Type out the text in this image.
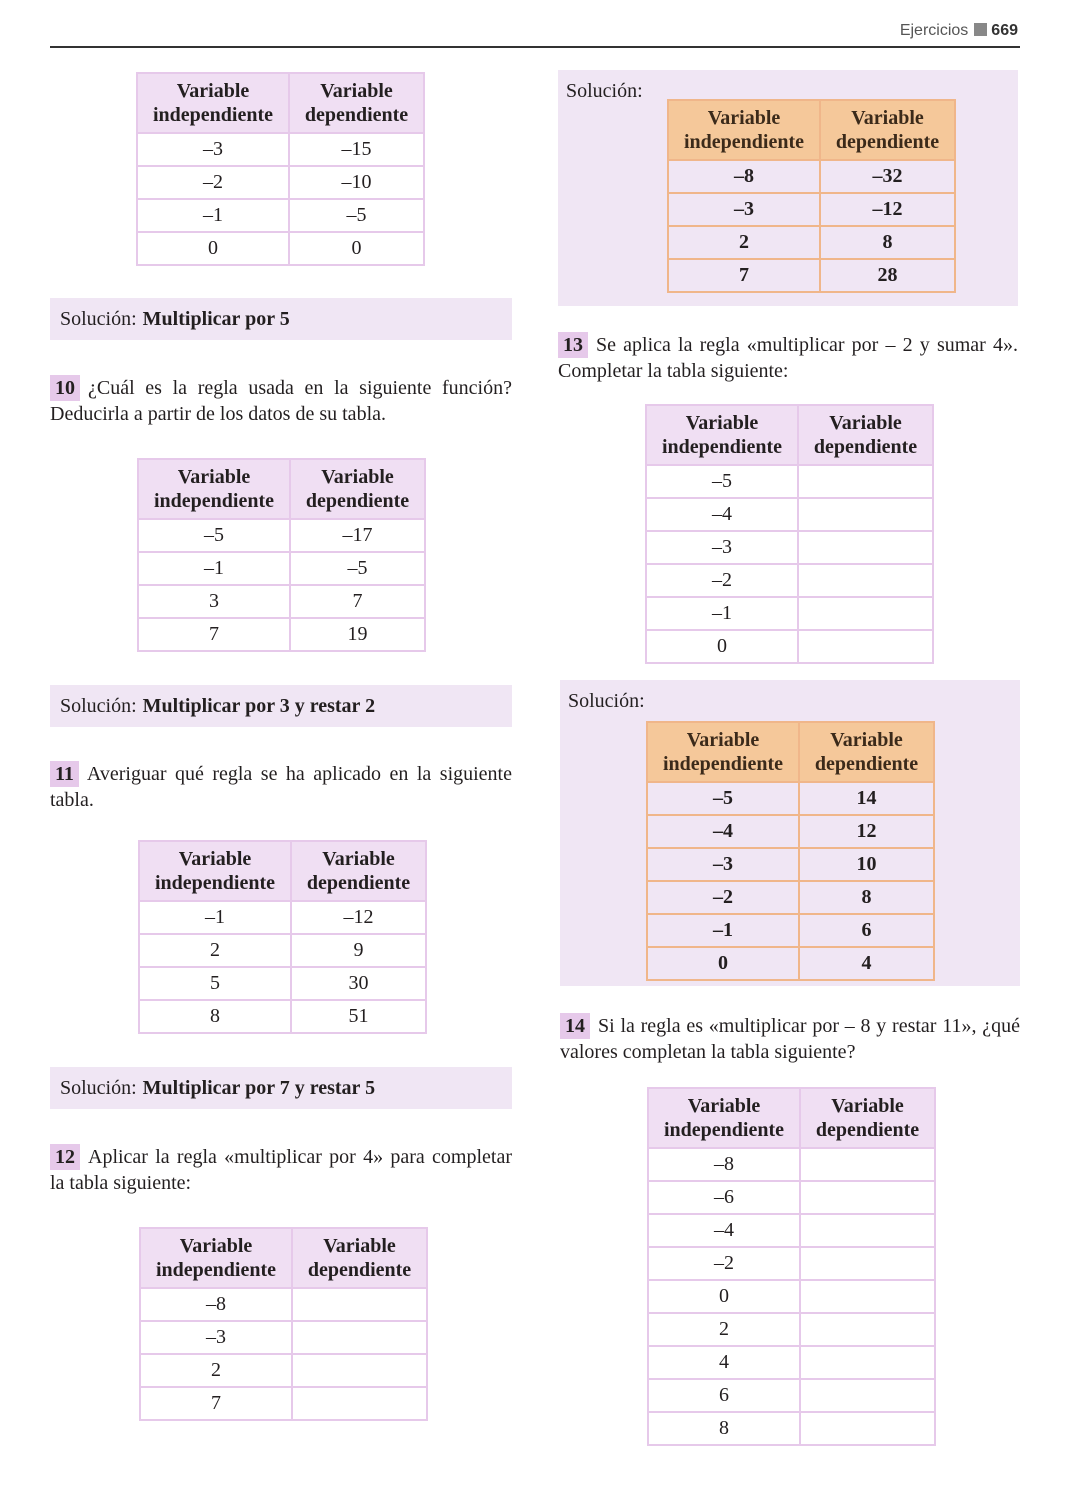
Ejercicios 669
Variable independiente	Variable dependiente
–3	–15
–2	–10
–1	–5
0	0
Solución: Multiplicar por 5
10 ¿Cuál es la regla usada en la siguiente función? Deducirla a partir de los datos de su tabla.
Variable independiente	Variable dependiente
–5	–17
–1	–5
3	7
7	19
Solución: Multiplicar por 3 y restar 2
11 Averiguar qué regla se ha aplicado en la siguiente tabla.
Variable independiente	Variable dependiente
–1	–12
2	9
5	30
8	51
Solución: Multiplicar por 7 y restar 5
12 Aplicar la regla «multiplicar por 4» para completar la tabla siguiente:
Variable independiente	Variable dependiente
–8	
–3	
2	
7	
Solución:
Variable independiente	Variable dependiente
–8	–32
–3	–12
2	8
7	28
13 Se aplica la regla «multiplicar por – 2 y sumar 4». Completar la tabla siguiente:
Variable independiente	Variable dependiente
–5	
–4	
–3	
–2	
–1	
0	
Solución:
Variable independiente	Variable dependiente
–5	14
–4	12
–3	10
–2	8
–1	6
0	4
14 Si la regla es «multiplicar por – 8 y restar 11», ¿qué valores completan la tabla siguiente?
Variable independiente	Variable dependiente
–8	
–6	
–4	
–2	
0	
2	
4	
6	
8	
